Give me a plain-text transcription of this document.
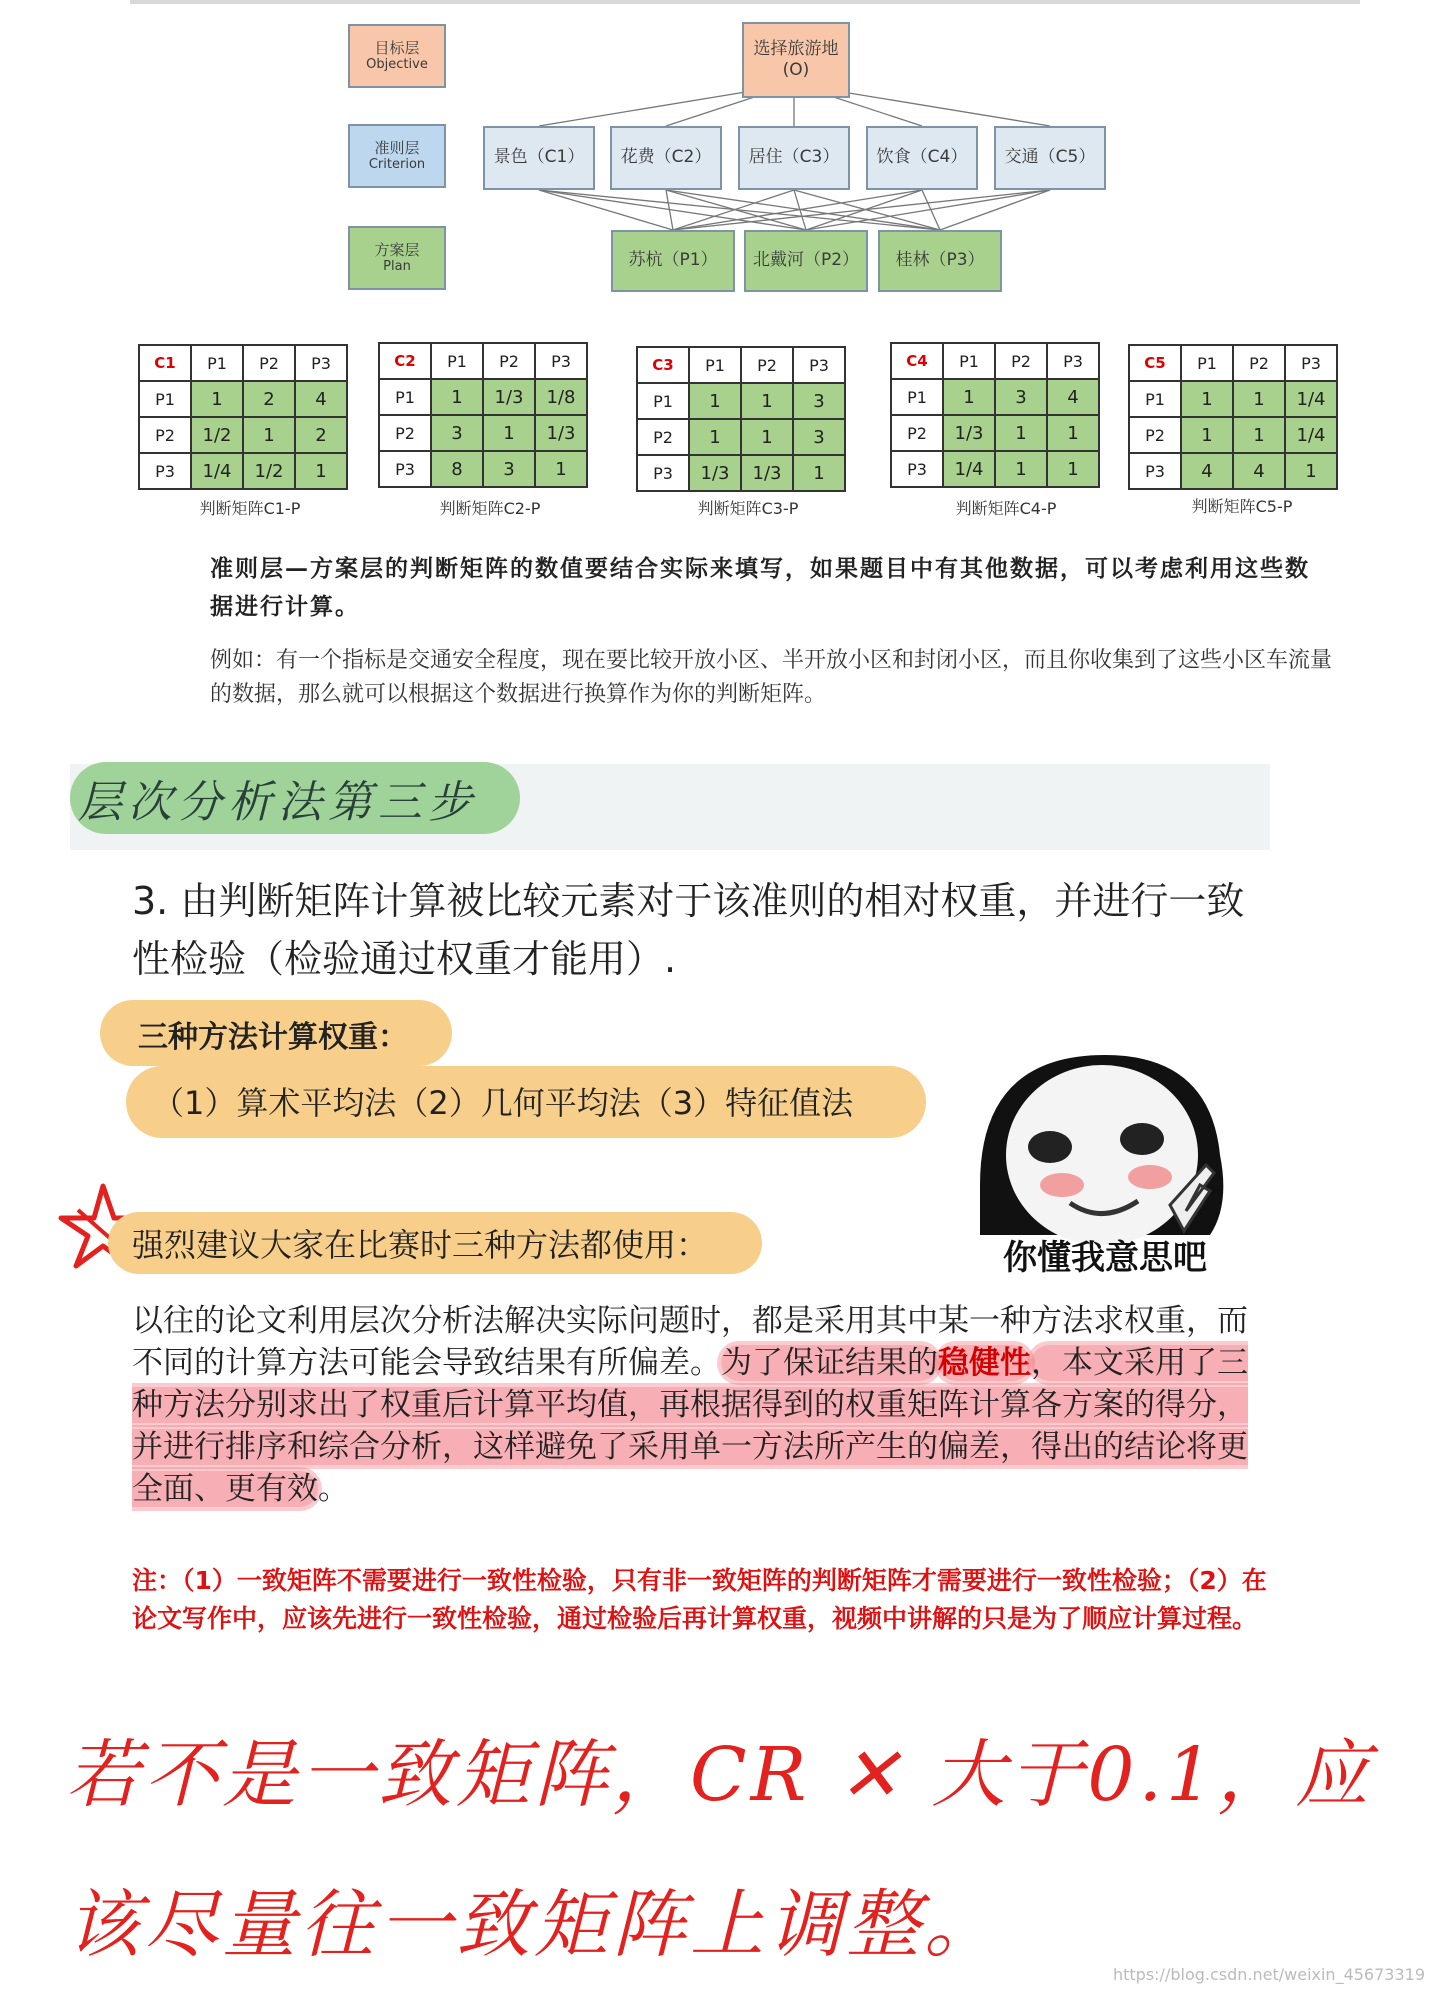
目标层
Objective
准则层
Criterion
方案层
Plan
选择旅游地
(O)
景色（C1） 花费（C2） 居住（C3） 饮食（C4） 交通（C5）
苏杭（P1） 北戴河（P2） 桂林（P3）
C1	P1	P2	P3
P1	1	2	4
P2	1/2	1	2
P3	1/4	1/2	1
判断矩阵C1-P
C2	P1	P2	P3
P1	1	1/3	1/8
P2	3	1	1/3
P3	8	3	1
判断矩阵C2-P
C3	P1	P2	P3
P1	1	1	3
P2	1	1	3
P3	1/3	1/3	1
判断矩阵C3-P
C4	P1	P2	P3
P1	1	3	4
P2	1/3	1	1
P3	1/4	1	1
判断矩阵C4-P
C5	P1	P2	P3
P1	1	1	1/4
P2	1	1	1/4
P3	4	4	1
判断矩阵C5-P
准则层—方案层的判断矩阵的数值要结合实际来填写，如果题目中有其他数据，可以考虑利用这些数据进行计算。
例如：有一个指标是交通安全程度，现在要比较开放小区、半开放小区和封闭小区，而且你收集到了这些小区车流量的数据，那么就可以根据这个数据进行换算作为你的判断矩阵。
层次分析法第三步
3. 由判断矩阵计算被比较元素对于该准则的相对权重，并进行一致性检验（检验通过权重才能用）.
三种方法计算权重：
（1）算术平均法（2）几何平均法（3）特征值法
强烈建议大家在比赛时三种方法都使用：	你懂我意思吧
以往的论文利用层次分析法解决实际问题时，都是采用其中某一种方法求权重，而不同的计算方法可能会导致结果有所偏差。为了保证结果的稳健性，本文采用了三种方法分别求出了权重后计算平均值，再根据得到的权重矩阵计算各方案的得分，并进行排序和综合分析，这样避免了采用单一方法所产生的偏差，得出的结论将更全面、更有效。
注：（1）一致矩阵不需要进行一致性检验，只有非一致矩阵的判断矩阵才需要进行一致性检验；（2）在论文写作中，应该先进行一致性检验，通过检验后再计算权重，视频中讲解的只是为了顺应计算过程。
若不是一致矩阵，CR ✕ 大于0.1，应该尽量往一致矩阵上调整。
https://blog.csdn.net/weixin_45673319
